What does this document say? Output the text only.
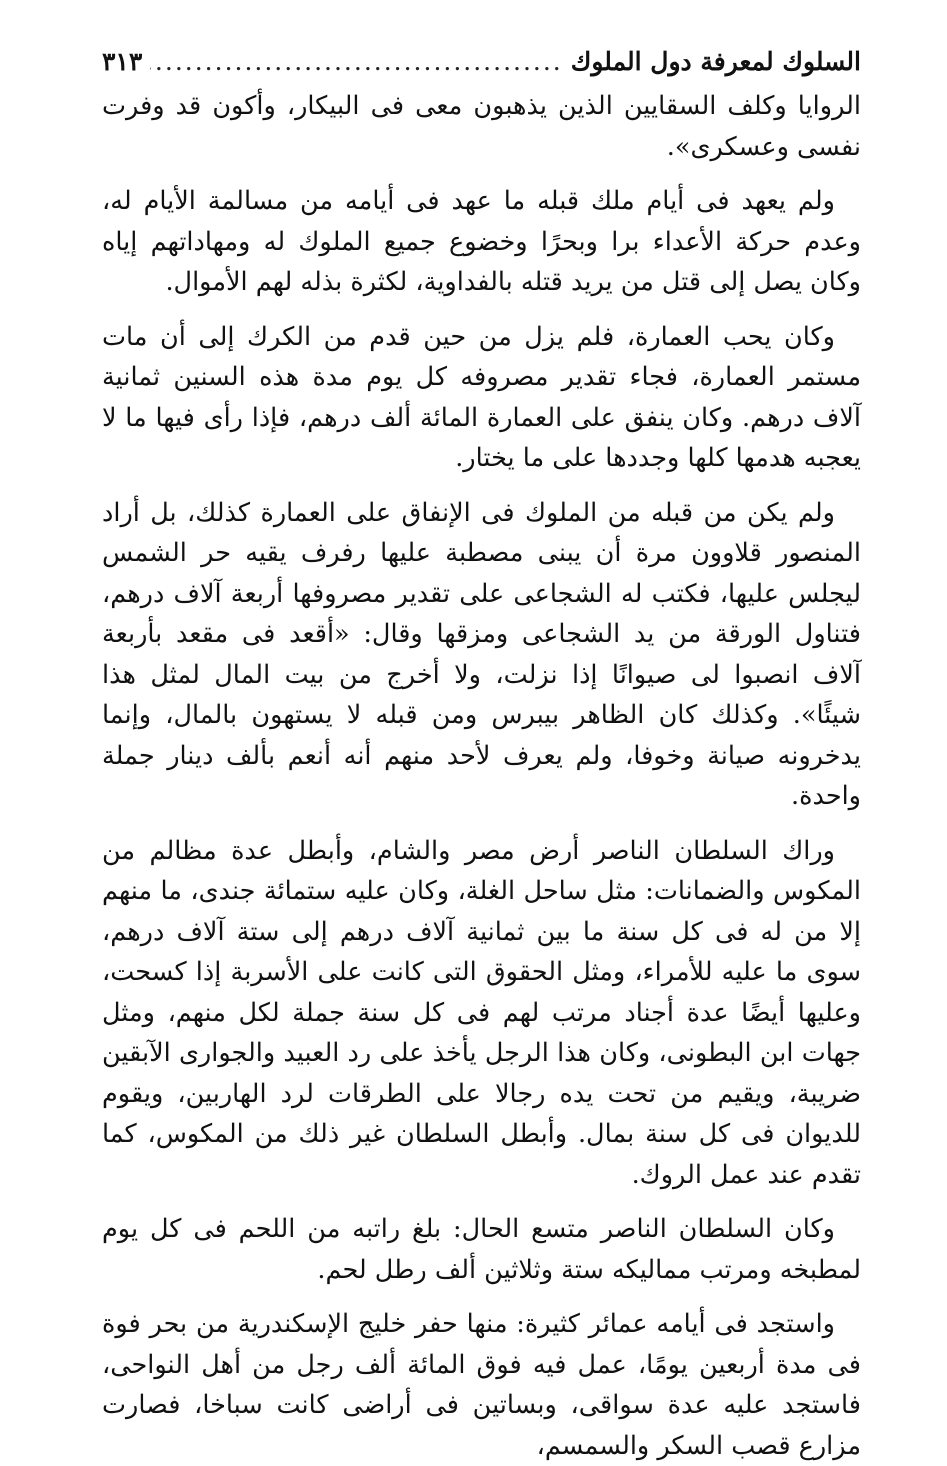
السلوك لمعرفة دول الملوك
.....
٣١٣

الروايا وكلف السقايين الذين يذهبون معى فى البيكار، وأكون قد وفرت نفسى وعسكرى».

ولم يعهد فى أيام ملك قبله ما عهد فى أيامه من مسالمة الأيام له، وعدم حركة الأعداء برا وبحرًا وخضوع جميع الملوك له ومهاداتهم إياه وكان يصل إلى قتل من يريد قتله بالفداوية، لكثرة بذله لهم الأموال.

وكان يحب العمارة، فلم يزل من حين قدم من الكرك إلى أن مات مستمر العمارة، فجاء تقدير مصروفه كل يوم مدة هذه السنين ثمانية آلاف درهم. وكان ينفق على العمارة المائة ألف درهم، فإذا رأى فيها ما لا يعجبه هدمها كلها وجددها على ما يختار.

ولم يكن من قبله من الملوك فى الإنفاق على العمارة كذلك، بل أراد المنصور قلاوون مرة أن يبنى مصطبة عليها رفرف يقيه حر الشمس ليجلس عليها، فكتب له الشجاعى على تقدير مصروفها أربعة آلاف درهم، فتناول الورقة من يد الشجاعى ومزقها وقال: «أقعد فى مقعد بأربعة آلاف انصبوا لى صيوانًا إذا نزلت، ولا أخرج من بيت المال لمثل هذا شيئًا». وكذلك كان الظاهر بيبرس ومن قبله لا يستهون بالمال، وإنما يدخرونه صيانة وخوفا، ولم يعرف لأحد منهم أنه أنعم بألف دينار جملة واحدة.

وراك السلطان الناصر أرض مصر والشام، وأبطل عدة مظالم من المكوس والضمانات: مثل ساحل الغلة، وكان عليه ستمائة جندى، ما منهم إلا من له فى كل سنة ما بين ثمانية آلاف درهم إلى ستة آلاف درهم، سوى ما عليه للأمراء، ومثل الحقوق التى كانت على الأسربة إذا كسحت، وعليها أيضًا عدة أجناد مرتب لهم فى كل سنة جملة لكل منهم، ومثل جهات ابن البطونى، وكان هذا الرجل يأخذ على رد العبيد والجوارى الآبقين ضريبة، ويقيم من تحت يده رجالا على الطرقات لرد الهاربين، ويقوم للديوان فى كل سنة بمال. وأبطل السلطان غير ذلك من المكوس، كما تقدم عند عمل الروك.

وكان السلطان الناصر متسع الحال: بلغ راتبه من اللحم فى كل يوم لمطبخه ومرتب مماليكه ستة وثلاثين ألف رطل لحم.

واستجد فى أيامه عمائر كثيرة: منها حفر خليج الإسكندرية من بحر فوة فى مدة أربعين يومًا، عمل فيه فوق المائة ألف رجل من أهل النواحى، فاستجد عليه عدة سواقى، وبساتين فى أراضى كانت سباخا، فصارت مزارع قصب السكر والسمسم،
